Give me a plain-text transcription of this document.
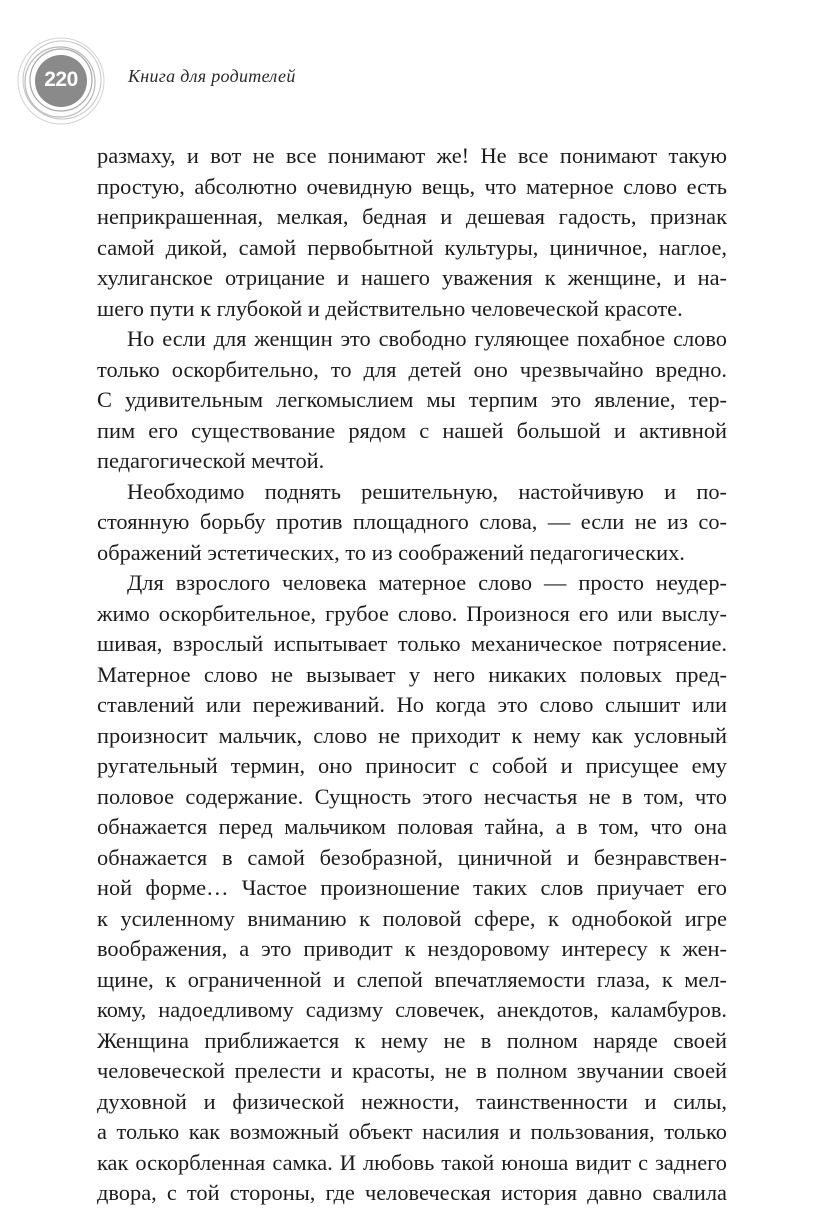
220	Книга для родителей
размаху, и вот не все понимают же! Не все понимают такую
простую, абсолютно очевидную вещь, что матерное слово есть
неприкрашенная, мелкая, бедная и дешевая гадость, признак
самой дикой, самой первобытной культуры, циничное, наглое,
хулиганское отрицание и нашего уважения к женщине, и на-
шего пути к глубокой и действительно человеческой красоте.
Но если для женщин это свободно гуляющее похабное слово
только оскорбительно, то для детей оно чрезвычайно вредно.
С удивительным легкомыслием мы терпим это явление, тер-
пим его существование рядом с нашей большой и активной
педагогической мечтой.
Необходимо поднять решительную, настойчивую и по-
стоянную борьбу против площадного слова, — если не из со-
ображений эстетических, то из соображений педагогических.
Для взрослого человека матерное слово — просто неудер-
жимо оскорбительное, грубое слово. Произнося его или выслу-
шивая, взрослый испытывает только механическое потрясение.
Матерное слово не вызывает у него никаких половых пред-
ставлений или переживаний. Но когда это слово слышит или
произносит мальчик, слово не приходит к нему как условный
ругательный термин, оно приносит с собой и присущее ему
половое содержание. Сущность этого несчастья не в том, что
обнажается перед мальчиком половая тайна, а в том, что она
обнажается в самой безобразной, циничной и безнравствен-
ной форме… Частое произношение таких слов приучает его
к усиленному вниманию к половой сфере, к однобокой игре
воображения, а это приводит к нездоровому интересу к жен-
щине, к ограниченной и слепой впечатляемости глаза, к мел-
кому, надоедливому садизму словечек, анекдотов, каламбуров.
Женщина приближается к нему не в полном наряде своей
человеческой прелести и красоты, не в полном звучании своей
духовной и физической нежности, таинственности и силы,
а только как возможный объект насилия и пользования, только
как оскорбленная самка. И любовь такой юноша видит с заднего
двора, с той стороны, где человеческая история давно свалила
